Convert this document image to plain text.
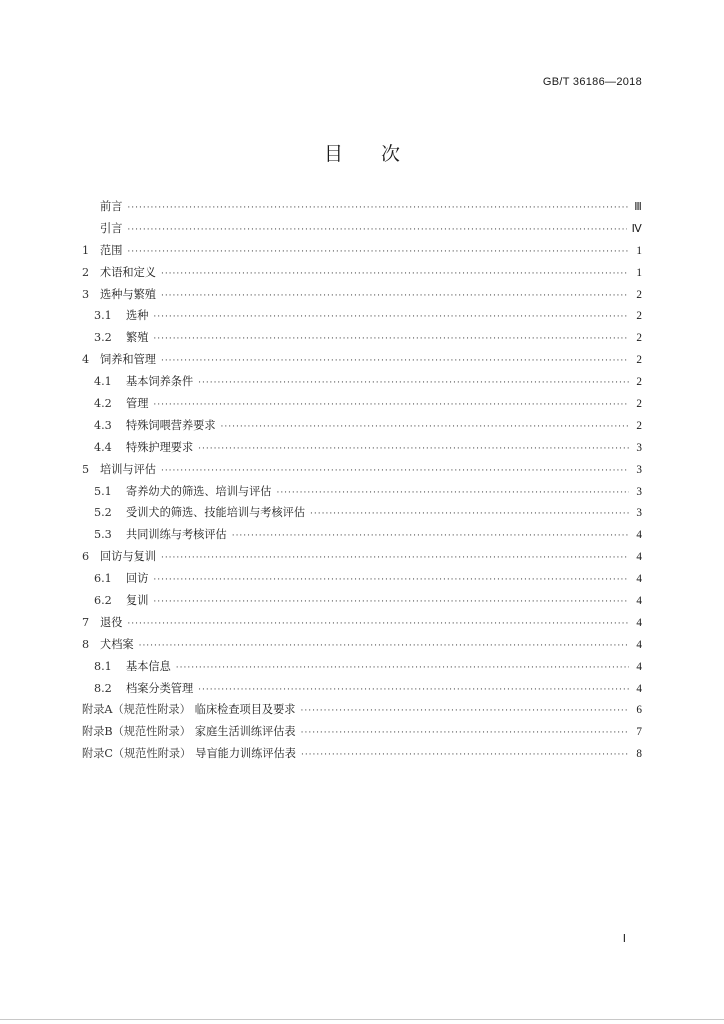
GB/T 36186—2018
目次
前言 ·····	Ⅲ
引言 ·····	Ⅳ
1 范围 ·····	1
2 术语和定义 ·····	1
3 选种与繁殖 ·····	2
3.1	选种 ·····	2
3.2	繁殖 ·····	2
4 饲养和管理 ·····	2
4.1	基本饲养条件 ·····	2
4.2	管理 ·····	2
4.3	特殊饲喂营养要求 ·····	2
4.4	特殊护理要求 ·····	3
5 培训与评估 ·····	3
5.1	寄养幼犬的筛选、培训与评估 ·····	3
5.2	受训犬的筛选、技能培训与考核评估 ·····	3
5.3	共同训练与考核评估 ·····	4
6 回访与复训 ·····	4
6.1	回访 ·····	4
6.2	复训 ·····	4
7 退役 ·····	4
8 犬档案 ·····	4
8.1	基本信息 ·····	4
8.2	档案分类管理 ·····	4
附录A（规范性附录） 临床检查项目及要求 ·····	6
附录B（规范性附录） 家庭生活训练评估表 ·····	7
附录C（规范性附录） 导盲能力训练评估表 ·····	8
Ⅰ
